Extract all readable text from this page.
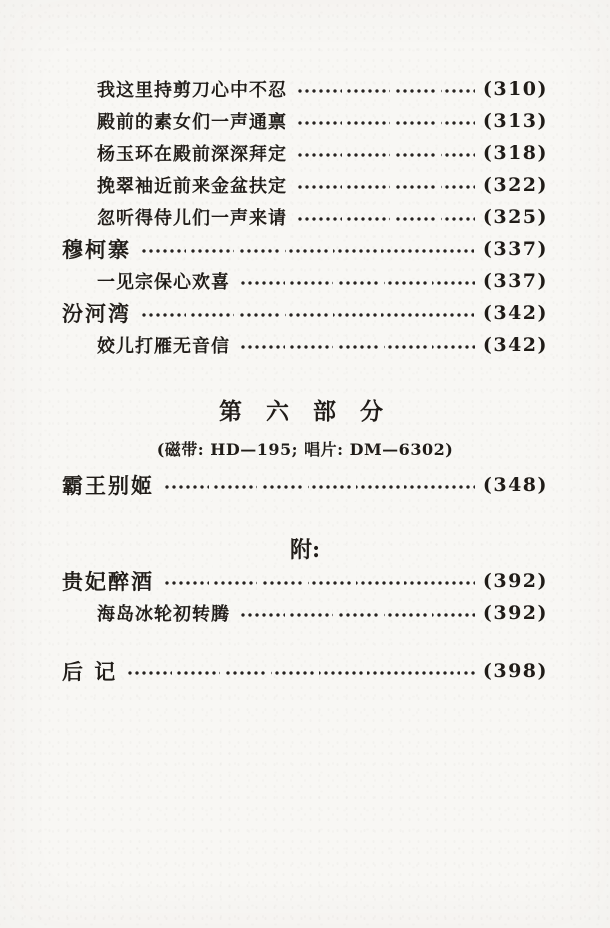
我这里持剪刀心中不忍	(310)
殿前的素女们一声通禀	(313)
杨玉环在殿前深深拜定	(318)
挽翠袖近前来金盆扶定	(322)
忽听得侍儿们一声来请	(325)
穆柯寨	(337)
一见宗保心欢喜	(337)
汾河湾	(342)
姣儿打雁无音信	(342)
第 六 部 分
(磁带: HD—195; 唱片: DM—6302)
霸王别姬	(348)
附:
贵妃醉酒	(392)
海岛冰轮初转腾	(392)
后 记	(398)
